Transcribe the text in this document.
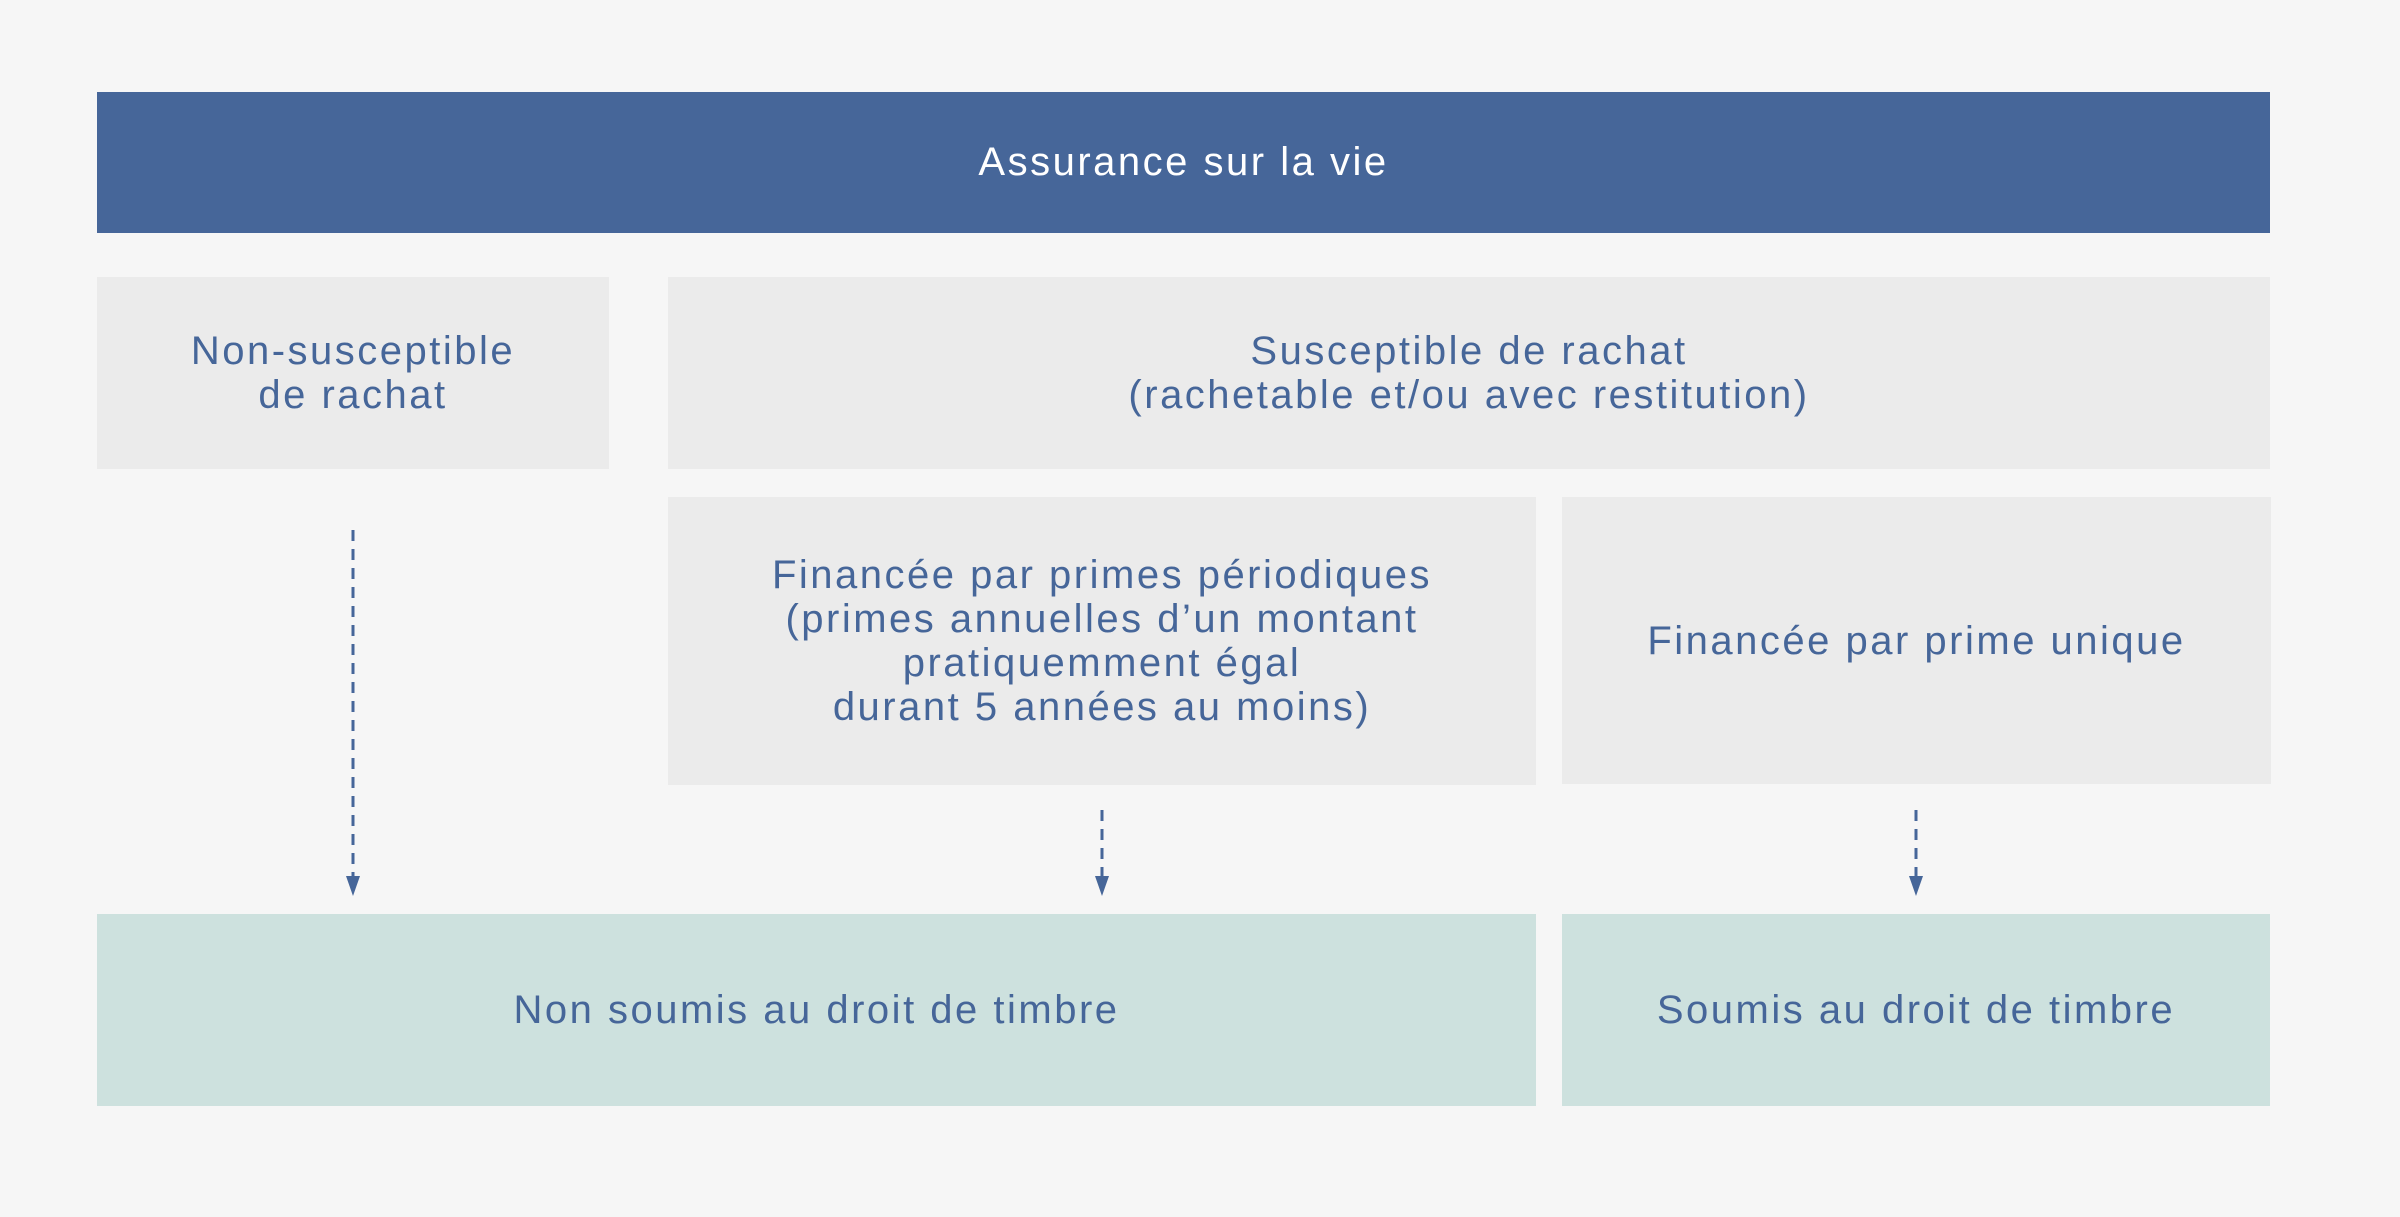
Assurance sur la vie
Non-susceptible
de rachat
Susceptible de rachat
(rachetable et/ou avec restitution)
Financée par primes périodiques
(primes annuelles d’un montant
pratiquemment égal
durant 5 années au moins)
Financée par prime unique
Non soumis au droit de timbre	Soumis au droit de timbre
